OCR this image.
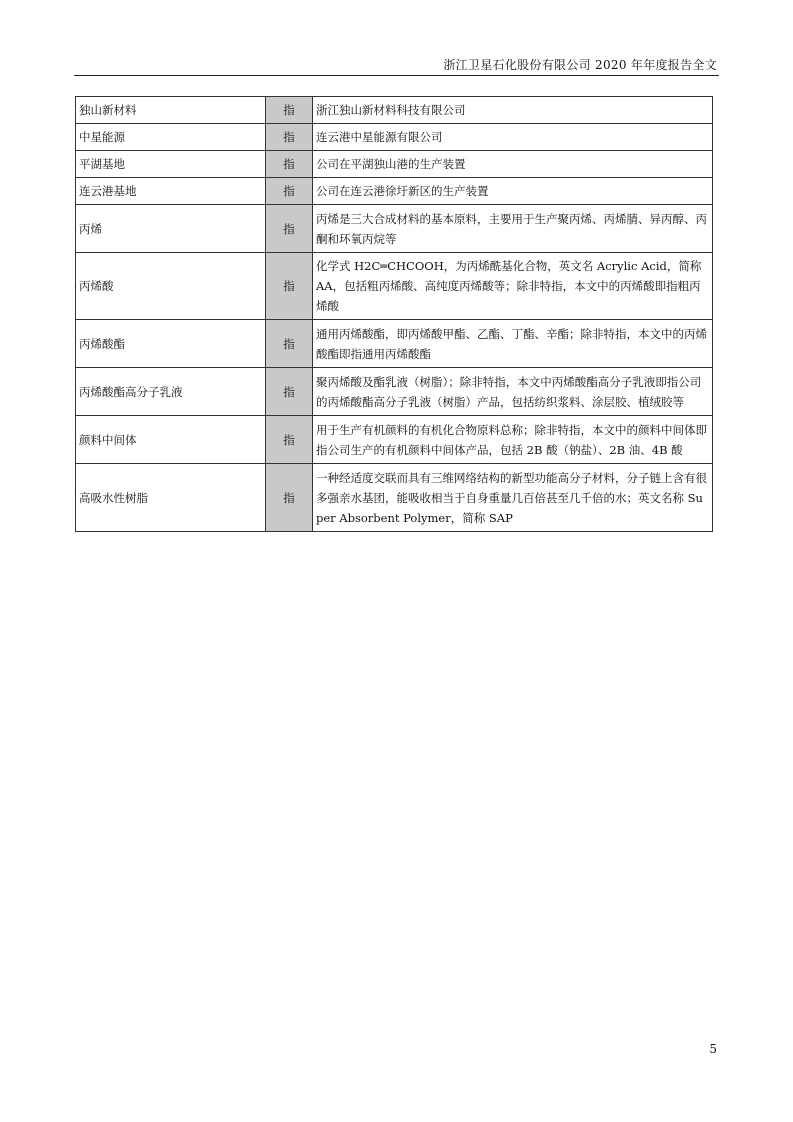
浙江卫星石化股份有限公司 2020 年年度报告全文
独山新材料	指	浙江独山新材料科技有限公司
中星能源	指	连云港中星能源有限公司
平湖基地	指	公司在平湖独山港的生产装置
连云港基地	指	公司在连云港徐圩新区的生产装置
丙烯	指	丙烯是三大合成材料的基本原料，主要用于生产聚丙烯、丙烯腈、异丙醇、丙酮和环氧丙烷等
丙烯酸	指	化学式 H2C═CHCOOH，为丙烯酰基化合物，英文名 Acrylic Acid，简称 AA，包括粗丙烯酸、高纯度丙烯酸等；除非特指，本文中的丙烯酸即指粗丙烯酸
丙烯酸酯	指	通用丙烯酸酯，即丙烯酸甲酯、乙酯、丁酯、辛酯；除非特指，本文中的丙烯酸酯即指通用丙烯酸酯
丙烯酸酯高分子乳液	指	聚丙烯酸及酯乳液（树脂）；除非特指，本文中丙烯酸酯高分子乳液即指公司的丙烯酸酯高分子乳液（树脂）产品，包括纺织浆料、涂层胶、植绒胶等
颜料中间体	指	用于生产有机颜料的有机化合物原料总称；除非特指，本文中的颜料中间体即指公司生产的有机颜料中间体产品，包括 2B 酸（钠盐）、2B 油、4B 酸
高吸水性树脂	指	一种经适度交联而具有三维网络结构的新型功能高分子材料，分子链上含有很多强亲水基团，能吸收相当于自身重量几百倍甚至几千倍的水；英文名称 Super Absorbent Polymer，简称 SAP
5
